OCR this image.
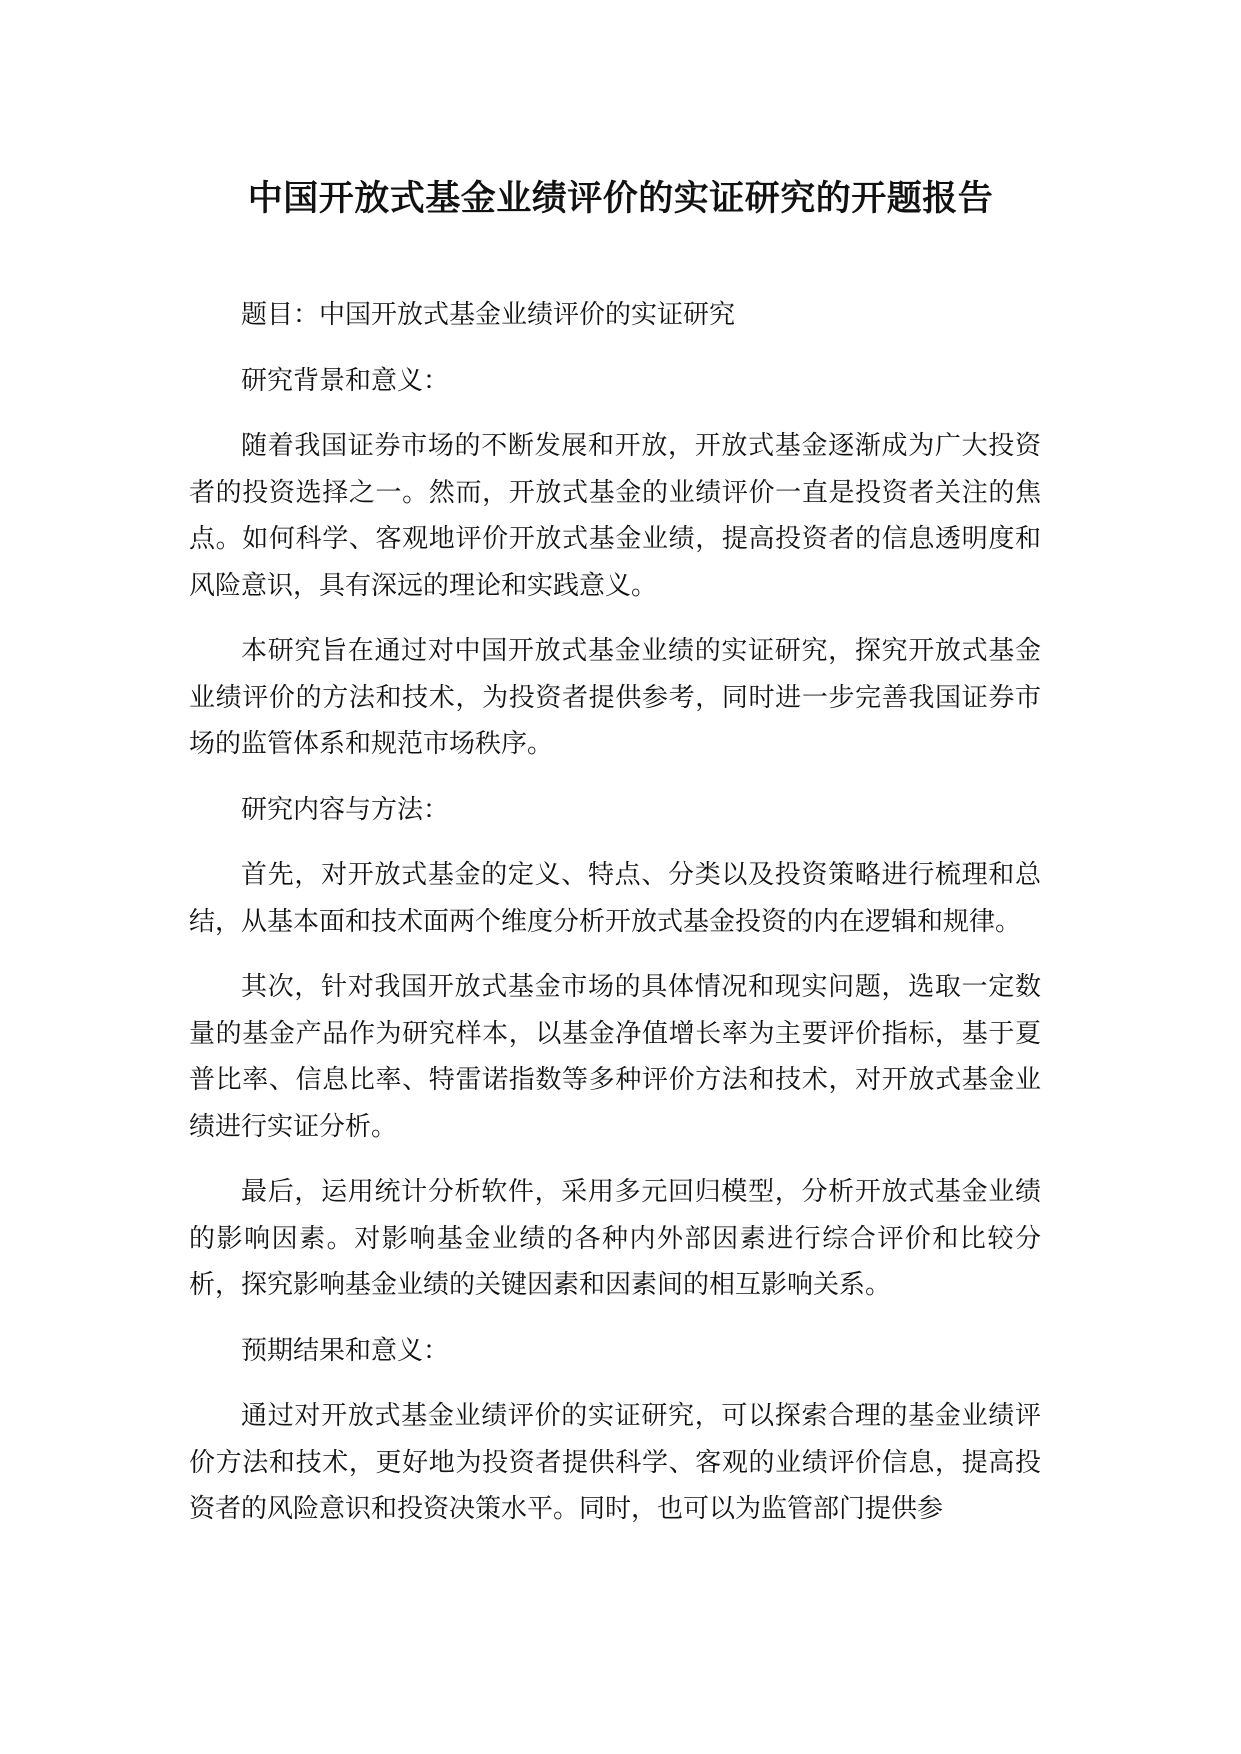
中国开放式基金业绩评价的实证研究的开题报告

题目：中国开放式基金业绩评价的实证研究

研究背景和意义：

随着我国证券市场的不断发展和开放，开放式基金逐渐成为广大投资者的投资选择之一。然而，开放式基金的业绩评价一直是投资者关注的焦点。如何科学、客观地评价开放式基金业绩，提高投资者的信息透明度和风险意识，具有深远的理论和实践意义。

本研究旨在通过对中国开放式基金业绩的实证研究，探究开放式基金业绩评价的方法和技术，为投资者提供参考，同时进一步完善我国证券市场的监管体系和规范市场秩序。

研究内容与方法：

首先，对开放式基金的定义、特点、分类以及投资策略进行梳理和总结，从基本面和技术面两个维度分析开放式基金投资的内在逻辑和规律。

其次，针对我国开放式基金市场的具体情况和现实问题，选取一定数量的基金产品作为研究样本，以基金净值增长率为主要评价指标，基于夏普比率、信息比率、特雷诺指数等多种评价方法和技术，对开放式基金业绩进行实证分析。

最后，运用统计分析软件，采用多元回归模型，分析开放式基金业绩的影响因素。对影响基金业绩的各种内外部因素进行综合评价和比较分析，探究影响基金业绩的关键因素和因素间的相互影响关系。

预期结果和意义：

通过对开放式基金业绩评价的实证研究，可以探索合理的基金业绩评价方法和技术，更好地为投资者提供科学、客观的业绩评价信息，提高投资者的风险意识和投资决策水平。同时，也可以为监管部门提供参
